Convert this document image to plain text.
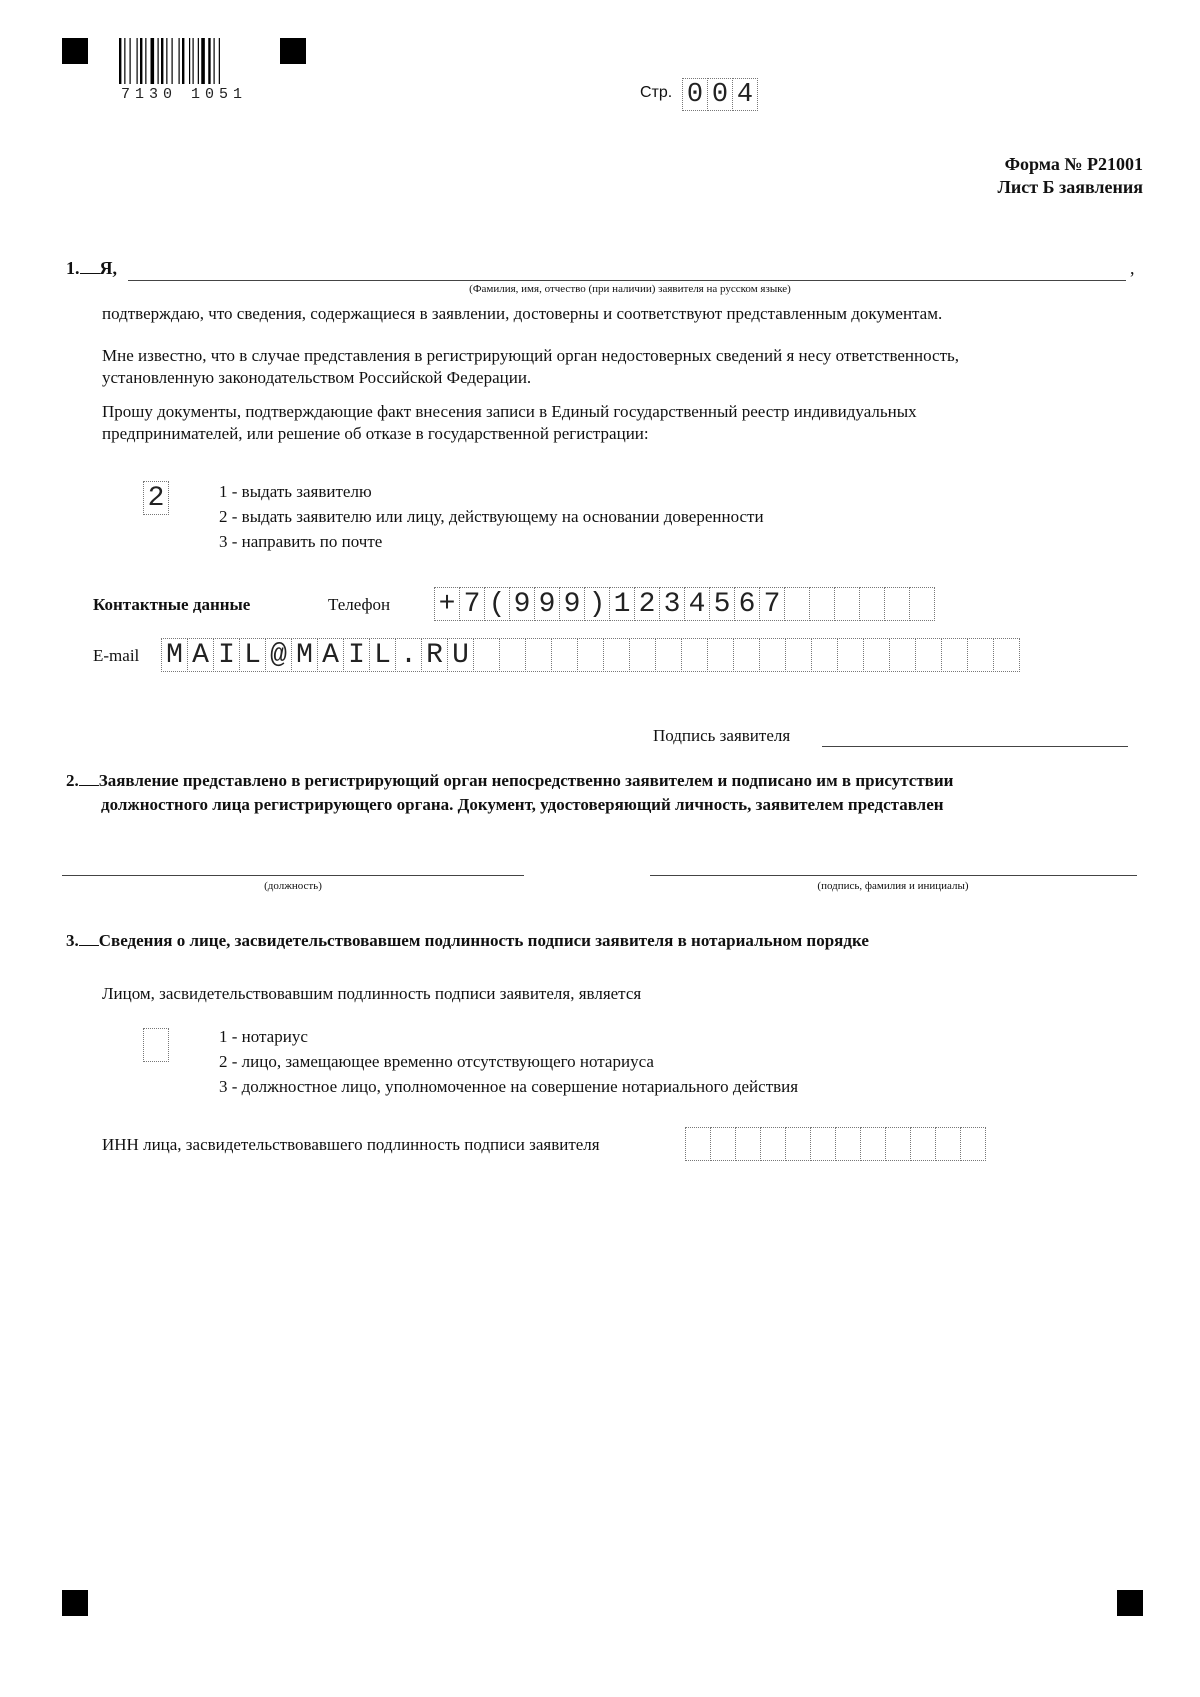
7130 1051	Стр. 0 0 4
Форма № Р21001
Лист Б заявления
1. Я,	,
(Фамилия, имя, отчество (при наличии) заявителя на русском языке)
подтверждаю, что сведения, содержащиеся в заявлении, достоверны и соответствуют представленным документам.
Мне известно, что в случае представления в регистрирующий орган недостоверных сведений я несу ответственность,
установленную законодательством Российской Федерации.
Прошу документы, подтверждающие факт внесения записи в Единый государственный реестр индивидуальных
предпринимателей, или решение об отказе в государственной регистрации:
2	1 - выдать заявителю
2 - выдать заявителю или лицу, действующему на основании доверенности
3 - направить по почте
Контактные данные	Телефон + 7 ( 9 9 9 ) 1 2 3 4 5 6 7
E-mail M A I L @ M A I L . R U
Подпись заявителя
2. Заявление представлено в регистрирующий орган непосредственно заявителем и подписано им в присутствии
должностного лица регистрирующего органа. Документ, удостоверяющий личность, заявителем представлен
(должность)	(подпись, фамилия и инициалы)
3. Сведения о лице, засвидетельствовавшем подлинность подписи заявителя в нотариальном порядке
Лицом, засвидетельствовавшим подлинность подписи заявителя, является
1 - нотариус
2 - лицо, замещающее временно отсутствующего нотариуса
3 - должностное лицо, уполномоченное на совершение нотариального действия
ИНН лица, засвидетельствовавшего подлинность подписи заявителя
